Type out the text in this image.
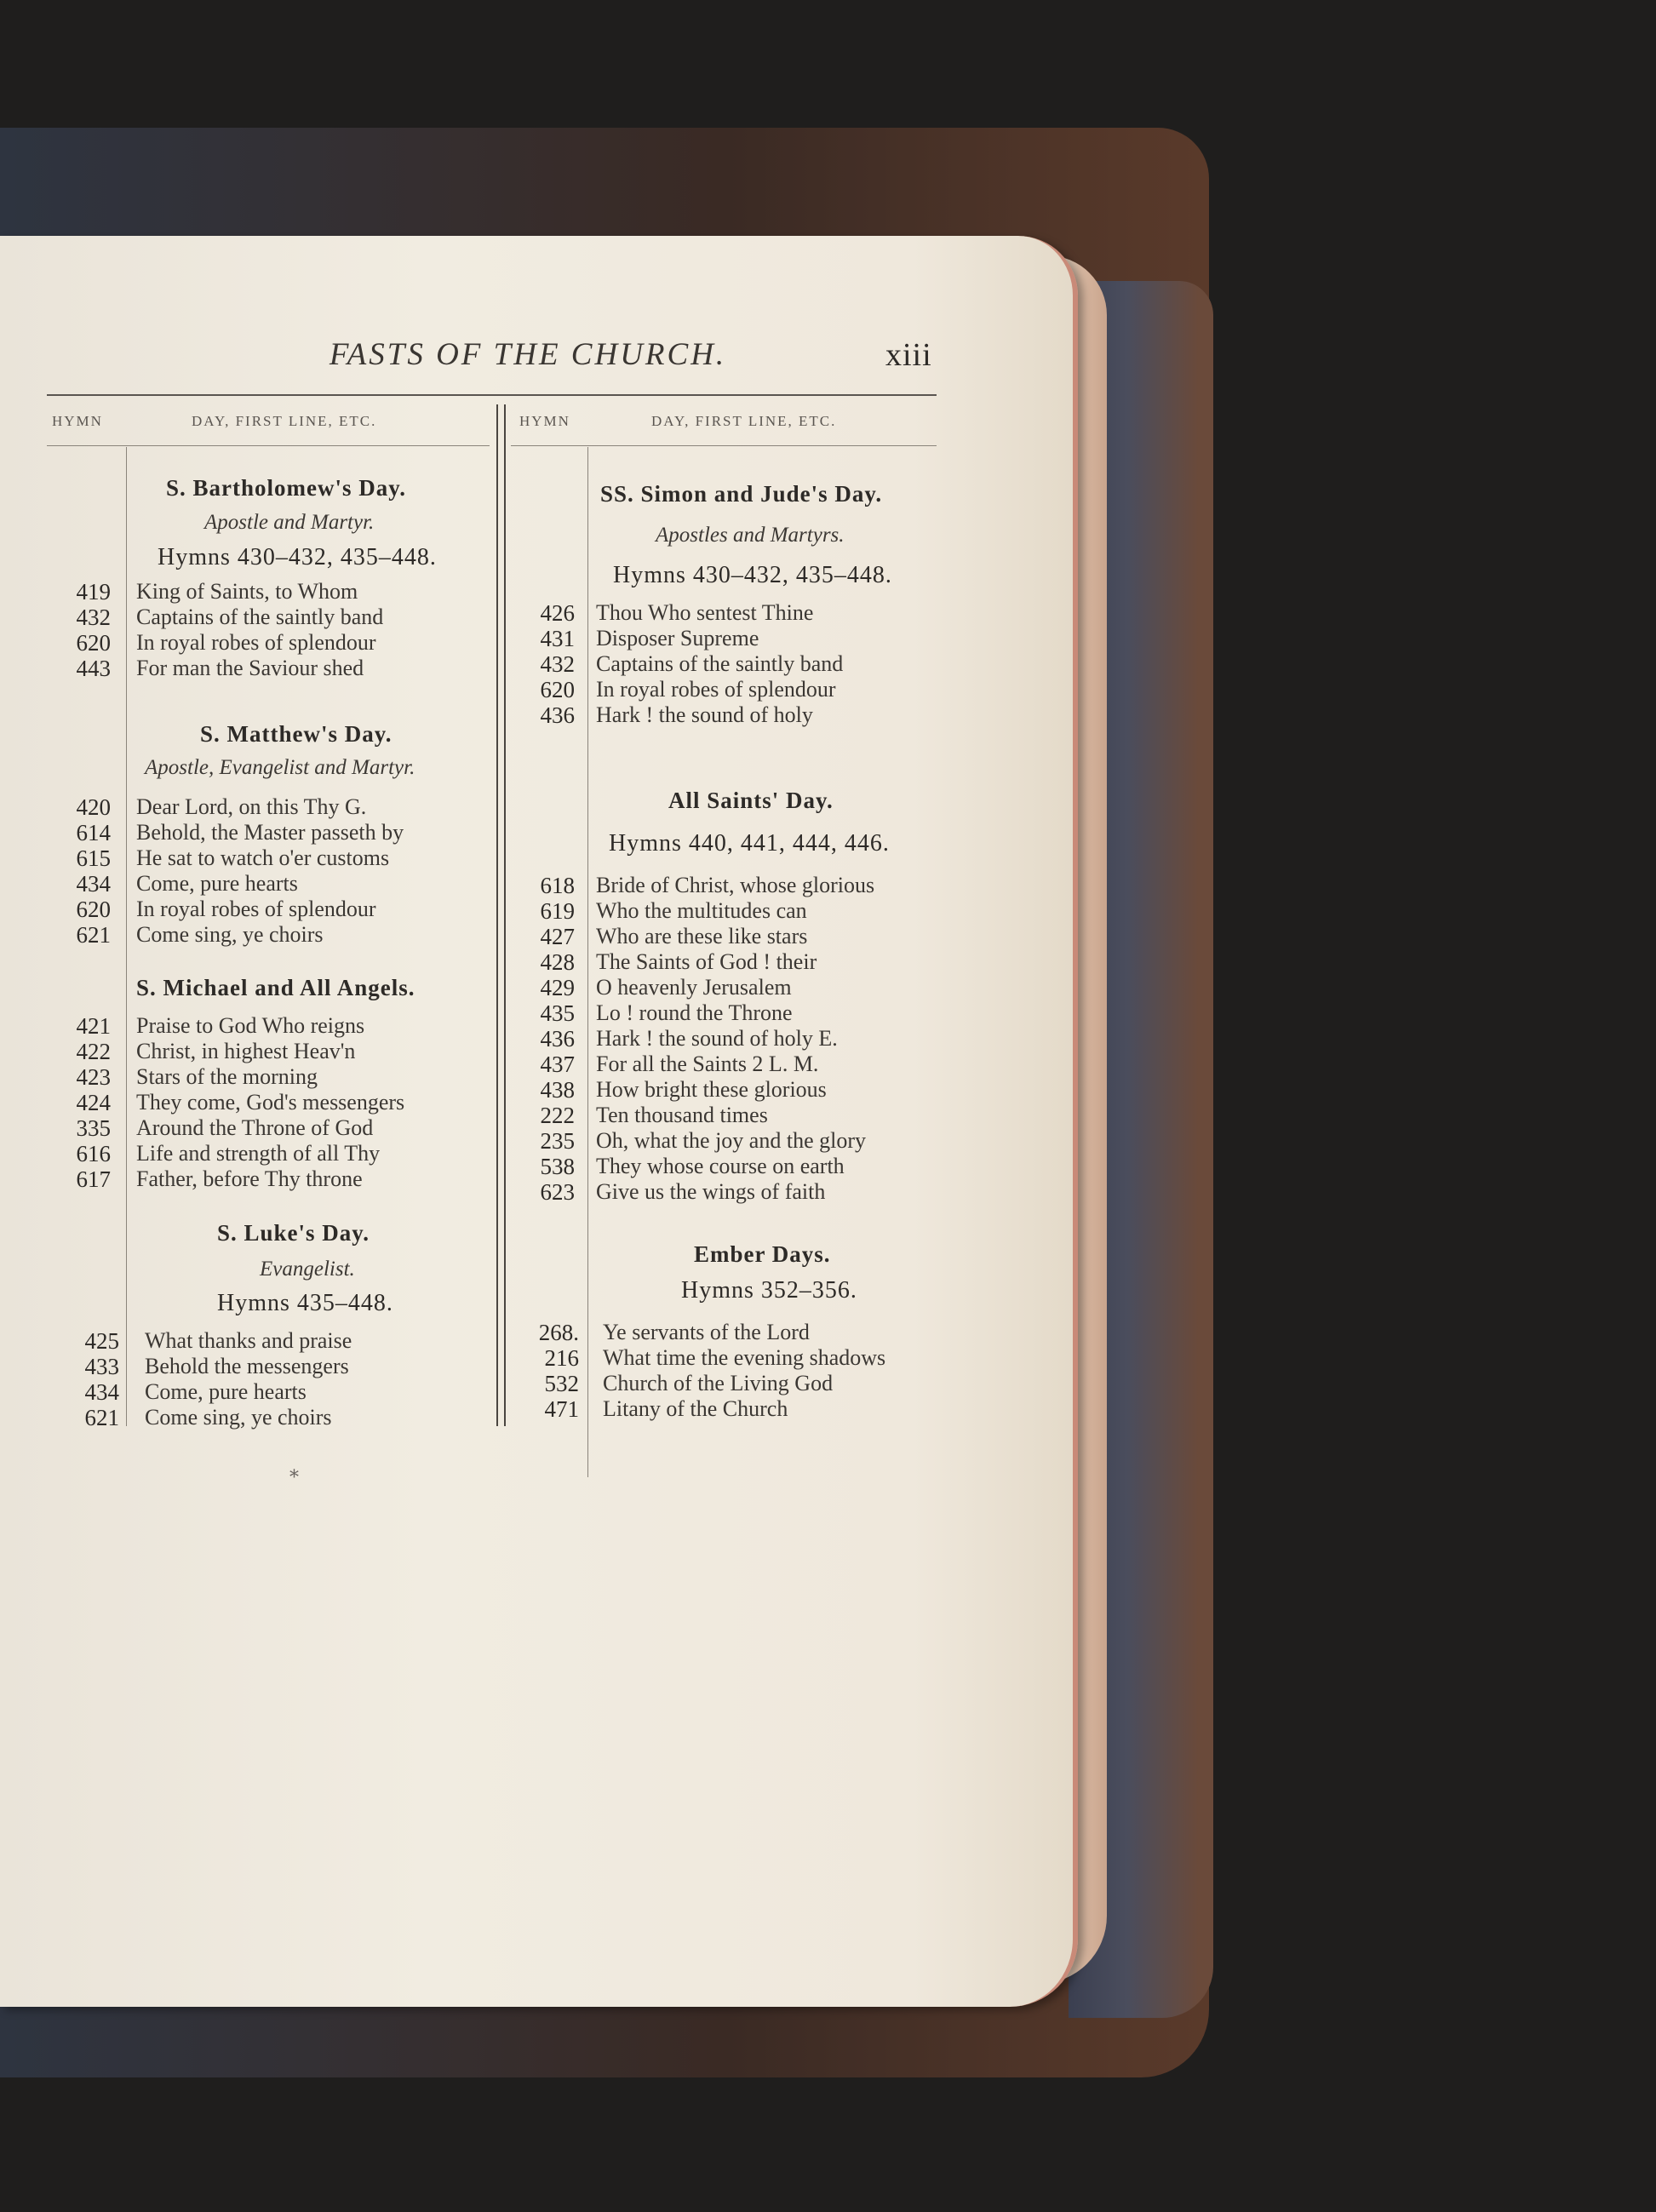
FASTS OF THE CHURCH.	xiii
HYMN	DAY, FIRST LINE, ETC.
S. Bartholomew's Day.
Apostle and Martyr.
Hymns 430–432, 435–448.
419 King of Saints, to Whom
432 Captains of the saintly band
620 In royal robes of splendour
443 For man the Saviour shed
S. Matthew's Day.
Apostle, Evangelist and Martyr.
420 Dear Lord, on this Thy G.
614 Behold, the Master passeth by
615 He sat to watch o'er customs
434 Come, pure hearts
620 In royal robes of splendour
621 Come sing, ye choirs
S. Michael and All Angels.
421 Praise to God Who reigns
422 Christ, in highest Heav'n
423 Stars of the morning
424 They come, God's messengers
335 Around the Throne of God
616 Life and strength of all Thy
617 Father, before Thy throne
S. Luke's Day.
Evangelist.
Hymns 435–448.
425 What thanks and praise
433 Behold the messengers
434 Come, pure hearts
621 Come sing, ye choirs
HYMN	DAY, FIRST LINE, ETC.
SS. Simon and Jude's Day.
Apostles and Martyrs.
Hymns 430–432, 435–448.
426 Thou Who sentest Thine
431 Disposer Supreme
432 Captains of the saintly band
620 In royal robes of splendour
436 Hark ! the sound of holy
All Saints' Day.
Hymns 440, 441, 444, 446.
618 Bride of Christ, whose glorious
619 Who the multitudes can
427 Who are these like stars
428 The Saints of God ! their
429 O heavenly Jerusalem
435 Lo ! round the Throne
436 Hark ! the sound of holy E.
437 For all the Saints 2 L. M.
438 How bright these glorious
222 Ten thousand times
235 Oh, what the joy and the glory
538 They whose course on earth
623 Give us the wings of faith
Ember Days.
Hymns 352–356.
268. Ye servants of the Lord
216 What time the evening shadows
532 Church of the Living God
471 Litany of the Church
⁎
